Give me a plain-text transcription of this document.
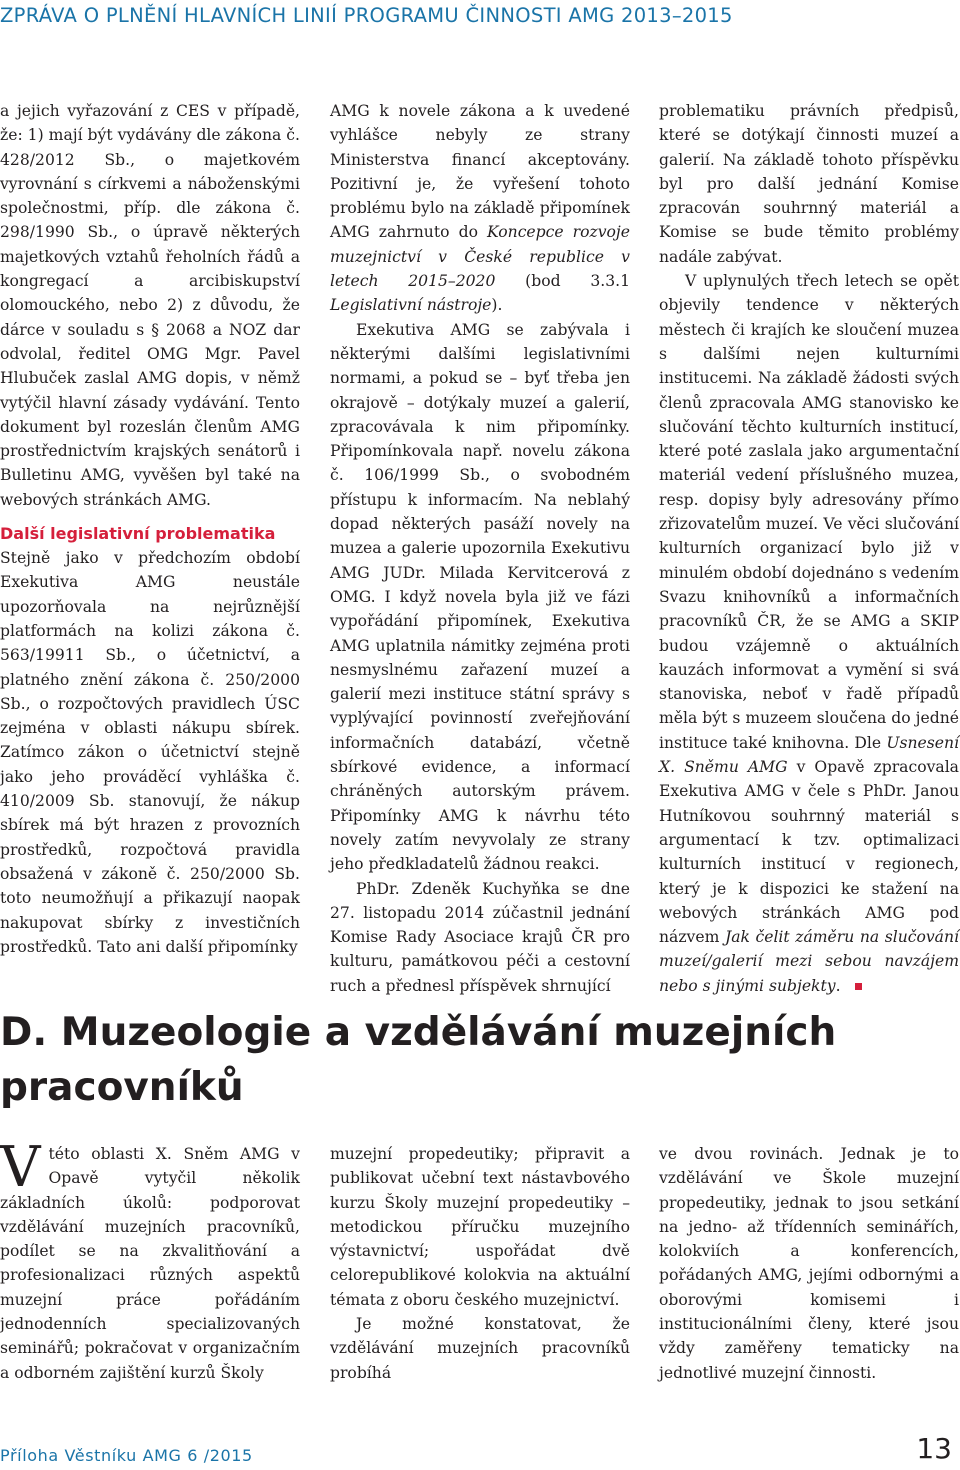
ZPRÁVA O PLNĚNÍ HLAVNÍCH LINIÍ PROGRAMU ČINNOSTI AMG 2013–2015

a jejich vyřazování z CES v případě, že: 1) mají být vydávány dle zákona č. 428/2012 Sb., o majetkovém vyrovnání s církvemi a náboženskými společnostmi, příp. dle zákona č. 298/1990 Sb., o úpravě některých majetkových vztahů řeholních řádů a kongregací a arcibiskupství olomouckého, nebo 2) z důvodu, že dárce v souladu s § 2068 a NOZ dar odvolal, ředitel OMG Mgr. Pavel Hlubuček zaslal AMG dopis, v němž vytýčil hlavní zásady vydávání. Tento dokument byl rozeslán členům AMG prostřednictvím krajských senátorů i Bulletinu AMG, vyvěšen byl také na webových stránkách AMG.

Další legislativní problematika

Stejně jako v předchozím období Exekutiva AMG neustále upozorňovala na nejrůznější platformách na kolizi zákona č. 563/19911 Sb., o účetnictví, a platného znění zákona č. 250/2000 Sb., o rozpočtových pravidlech ÚSC zejména v oblasti nákupu sbírek. Zatímco zákon o účetnictví stejně jako jeho prováděcí vyhláška č. 410/2009 Sb. stanovují, že nákup sbírek má být hrazen z provozních prostředků, rozpočtová pravidla obsažená v zákoně č. 250/2000 Sb. toto neumožňují a přikazují naopak nakupovat sbírky z investičních prostředků. Tato ani další připomínky

AMG k novele zákona a k uvedené vyhlášce nebyly ze strany Ministerstva financí akceptovány. Pozitivní je, že vyřešení tohoto problému bylo na základě připomínek AMG zahrnuto do Koncepce rozvoje muzejnictví v České republice v letech 2015–2020 (bod 3.3.1 Legislativní nástroje).

Exekutiva AMG se zabývala i některými dalšími legislativními normami, a pokud se – byť třeba jen okrajově – dotýkaly muzeí a galerií, zpracovávala k nim připomínky. Připomínkovala např. novelu zákona č. 106/1999 Sb., o svobodném přístupu k informacím. Na neblahý dopad některých pasáží novely na muzea a galerie upozornila Exekutivu AMG JUDr. Milada Kervitcerová z OMG. I když novela byla již ve fázi vypořádání připomínek, Exekutiva AMG uplatnila námitky zejména proti nesmyslnému zařazení muzeí a galerií mezi instituce státní správy s vyplývající povinností zveřejňování informačních databází, včetně sbírkové evidence, a informací chráněných autorským právem. Připomínky AMG k návrhu této novely zatím nevyvolaly ze strany jeho předkladatelů žádnou reakci.

PhDr. Zdeněk Kuchyňka se dne 27. listopadu 2014 zúčastnil jednání Komise Rady Asociace krajů ČR pro kulturu, památkovou péči a cestovní ruch a přednesl příspěvek shrnující

problematiku právních předpisů, které se dotýkají činnosti muzeí a galerií. Na základě tohoto příspěvku byl pro další jednání Komise zpracován souhrnný materiál a Komise se bude těmito problémy nadále zabývat.

V uplynulých třech letech se opět objevily tendence v některých městech či krajích ke sloučení muzea s dalšími nejen kulturními institucemi. Na základě žádosti svých členů zpracovala AMG stanovisko ke slučování těchto kulturních institucí, které poté zaslala jako argumentační materiál vedení příslušného muzea, resp. dopisy byly adresovány přímo zřizovatelům muzeí. Ve věci slučování kulturních organizací bylo již v minulém období dojednáno s vedením Svazu knihovníků a informačních pracovníků ČR, že se AMG a SKIP budou vzájemně o aktuálních kauzách informovat a vymění si svá stanoviska, neboť v řadě případů měla být s muzeem sloučena do jedné instituce také knihovna. Dle Usnesení X. Sněmu AMG v Opavě zpracovala Exekutiva AMG v čele s PhDr. Janou Hutníkovou souhrnný materiál s argumentací k tzv. optimalizaci kulturních institucí v regionech, který je k dispozici ke stažení na webových stránkách AMG pod názvem Jak čelit záměru na slučování muzeí/galerií mezi sebou navzájem nebo s jinými subjekty.

D. Muzeologie a vzdělávání muzejních pracovníků

Vtéto oblasti X. Sněm AMG v Opavě vytyčil několik základních úkolů: podporovat vzdělávání muzejních pracovníků, podílet se na zkvalitňování a profesionalizaci různých aspektů muzejní práce pořádáním jednodenních specializovaných seminářů; pokračovat v organizačním a odborném zajištění kurzů Školy

muzejní propedeutiky; připravit a publikovat učební text nástavbového kurzu Školy muzejní propedeutiky – metodickou příručku muzejního výstavnictví; uspořádat dvě celorepublikové kolokvia na aktuální témata z oboru českého muzejnictví.

Je možné konstatovat, že vzdělávání muzejních pracovníků probíhá

ve dvou rovinách. Jednak je to vzdělávání ve Škole muzejní propedeutiky, jednak to jsou setkání na jedno- až třídenních seminářích, kolokviích a konferencích, pořádaných AMG, jejími odbornými a oborovými komisemi i institucionálními členy, které jsou vždy zaměřeny tematicky na jednotlivé muzejní činnosti.

Příloha Věstníku AMG 6 /2015	13
